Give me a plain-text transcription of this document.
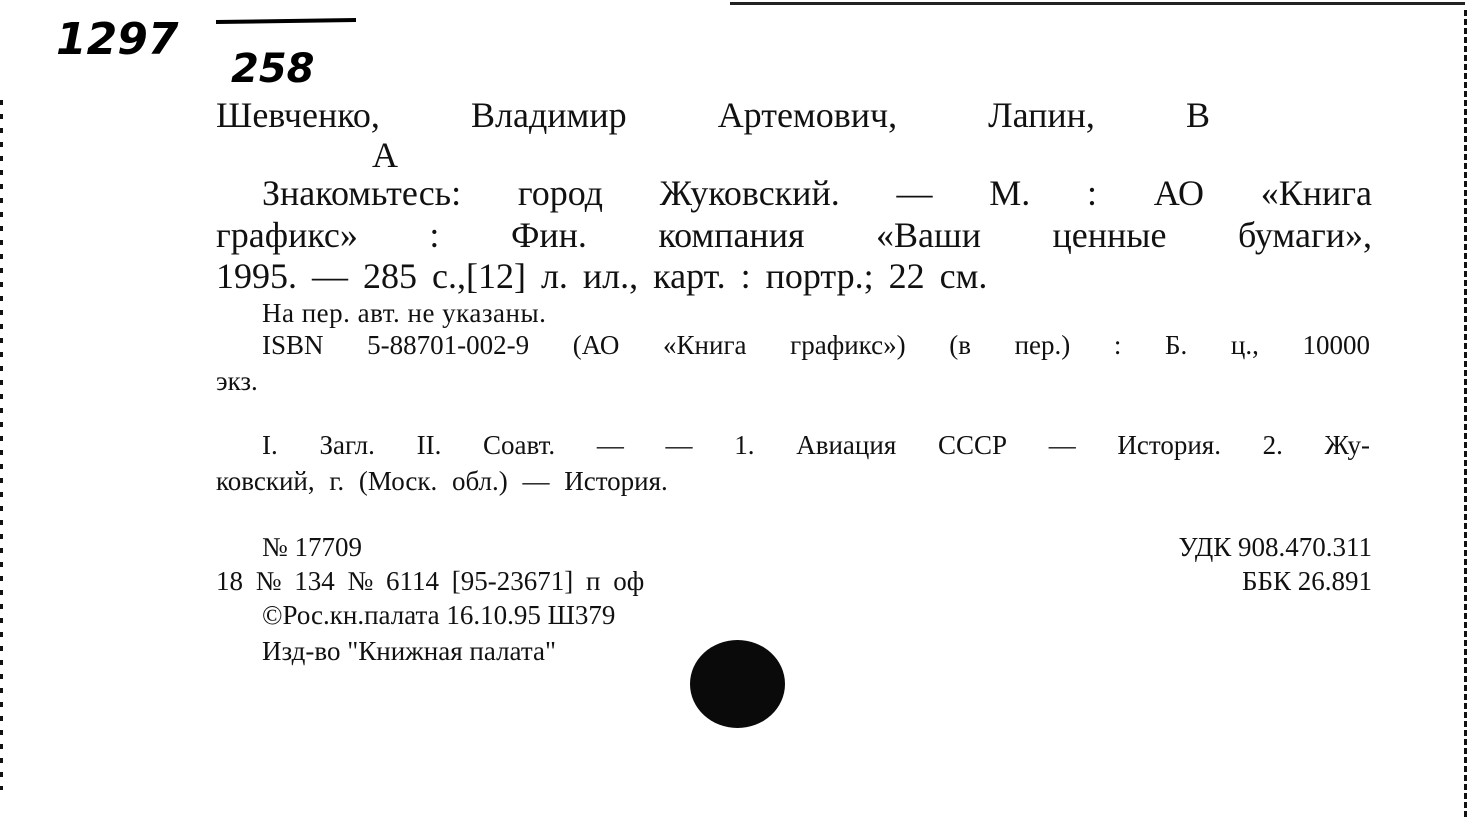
1297
258
Шевченко,	Владимир	Артемович,	Лапин,	В
А
Знакомьтесь: город Жуковский. — М. : АО «Книга
графикс» : Фин. компания «Ваши ценные бумаги»,
1995. — 285 с.,[12] л. ил., карт. : портр.; 22 см.
На пер. авт. не указаны.
ISBN 5-88701-002-9 (АО «Книга графикс») (в пер.) : Б. ц., 10000
экз.
I. Загл. II. Соавт. — — 1. Авиация СССР — История. 2. Жу-
ковский, г. (Моск. обл.) — История.
№ 17709
18 № 134 № 6114 [95-23671] п оф
©Рос.кн.палата 16.10.95 Ш379
Изд-во "Книжная палата"
УДК 908.470.311
ББК 26.891
